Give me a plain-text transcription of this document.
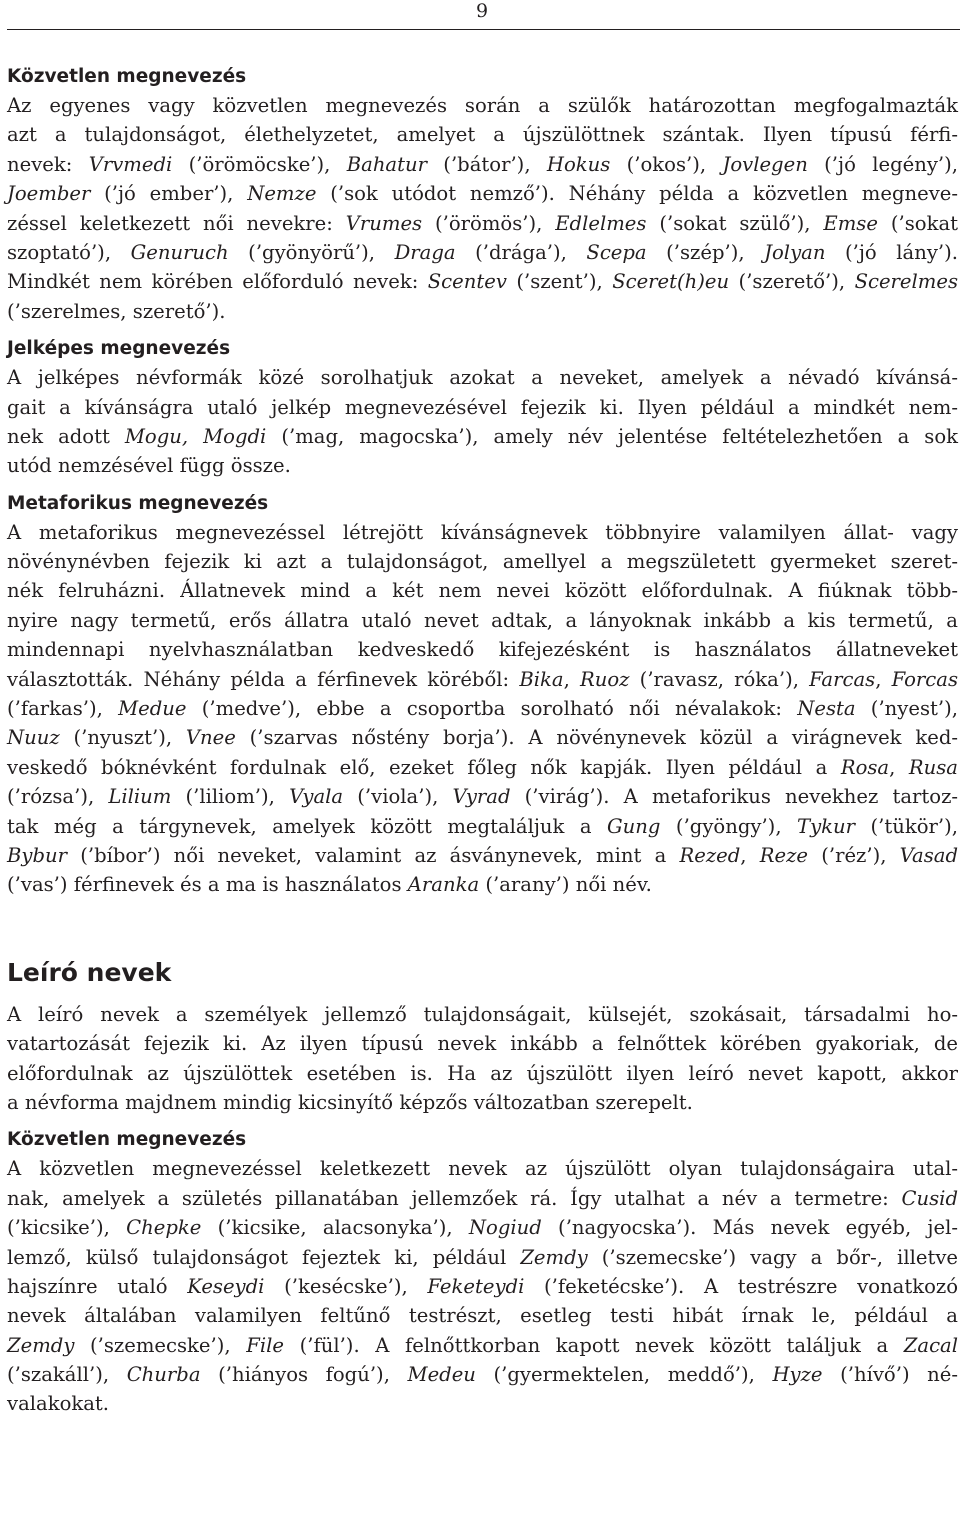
9
Közvetlen megnevezés
Az egyenes vagy közvetlen megnevezés során a szülők határozottan megfogalmazták
azt a tulajdonságot, élethelyzetet, amelyet a újszülöttnek szántak. Ilyen típusú férfi-
nevek: Vrvmedi (’örömöcske’), Bahatur (’bátor’), Hokus (’okos’), Jovlegen (’jó legény’),
Joember (’jó ember’), Nemze (’sok utódot nemző’). Néhány példa a közvetlen megneve-
zéssel keletkezett női nevekre: Vrumes (’örömös’), Edlelmes (’sokat szülő’), Emse (’sokat
szoptató’), Genuruch (’gyönyörű’), Draga (’drága’), Scepa (’szép’), Jolyan (’jó lány’).
Mindkét nem körében előforduló nevek: Scentev (’szent’), Sceret(h)eu (’szerető’), Scerelmes
(’szerelmes, szerető’).
Jelképes megnevezés
A jelképes névformák közé sorolhatjuk azokat a neveket, amelyek a névadó kívánsá-
gait a kívánságra utaló jelkép megnevezésével fejezik ki. Ilyen például a mindkét nem-
nek adott Mogu, Mogdi (’mag, magocska’), amely név jelentése feltételezhetően a sok
utód nemzésével függ össze.
Metaforikus megnevezés
A metaforikus megnevezéssel létrejött kívánságnevek többnyire valamilyen állat- vagy
növénynévben fejezik ki azt a tulajdonságot, amellyel a megszületett gyermeket szeret-
nék felruházni. Állatnevek mind a két nem nevei között előfordulnak. A fiúknak több-
nyire nagy termetű, erős állatra utaló nevet adtak, a lányoknak inkább a kis termetű, a
mindennapi nyelvhasználatban kedveskedő kifejezésként is használatos állatneveket
választották. Néhány példa a férfinevek köréből: Bika, Ruoz (’ravasz, róka’), Farcas, Forcas
(’farkas’), Medue (’medve’), ebbe a csoportba sorolható női névalakok: Nesta (’nyest’),
Nuuz (’nyuszt’), Vnee (’szarvas nőstény borja’). A növénynevek közül a virágnevek ked-
veskedő bóknévként fordulnak elő, ezeket főleg nők kapják. Ilyen például a Rosa, Rusa
(’rózsa’), Lilium (’liliom’), Vyala (’viola’), Vyrad (’virág’). A metaforikus nevekhez tartoz-
tak még a tárgynevek, amelyek között megtaláljuk a Gung (’gyöngy’), Tykur (’tükör’),
Bybur (’bíbor’) női neveket, valamint az ásványnevek, mint a Rezed, Reze (’réz’), Vasad
(’vas’) férfinevek és a ma is használatos Aranka (’arany’) női név.
Leíró nevek
A leíró nevek a személyek jellemző tulajdonságait, külsejét, szokásait, társadalmi ho-
vatartozását fejezik ki. Az ilyen típusú nevek inkább a felnőttek körében gyakoriak, de
előfordulnak az újszülöttek esetében is. Ha az újszülött ilyen leíró nevet kapott, akkor
a névforma majdnem mindig kicsinyítő képzős változatban szerepelt.
Közvetlen megnevezés
A közvetlen megnevezéssel keletkezett nevek az újszülött olyan tulajdonságaira utal-
nak, amelyek a születés pillanatában jellemzőek rá. Így utalhat a név a termetre: Cusid
(’kicsike’), Chepke (’kicsike, alacsonyka’), Nogiud (’nagyocska’). Más nevek egyéb, jel-
lemző, külső tulajdonságot fejeztek ki, például Zemdy (’szemecske’) vagy a bőr-, illetve
hajszínre utaló Keseydi (’kesécske’), Feketeydi (’feketécske’). A testrészre vonatkozó
nevek általában valamilyen feltűnő testrészt, esetleg testi hibát írnak le, például a
Zemdy (’szemecske’), File (’fül’). A felnőttkorban kapott nevek között találjuk a Zacal
(’szakáll’), Churba (’hiányos fogú’), Medeu (’gyermektelen, meddő’), Hyze (’hívő’) né-
valakokat.
